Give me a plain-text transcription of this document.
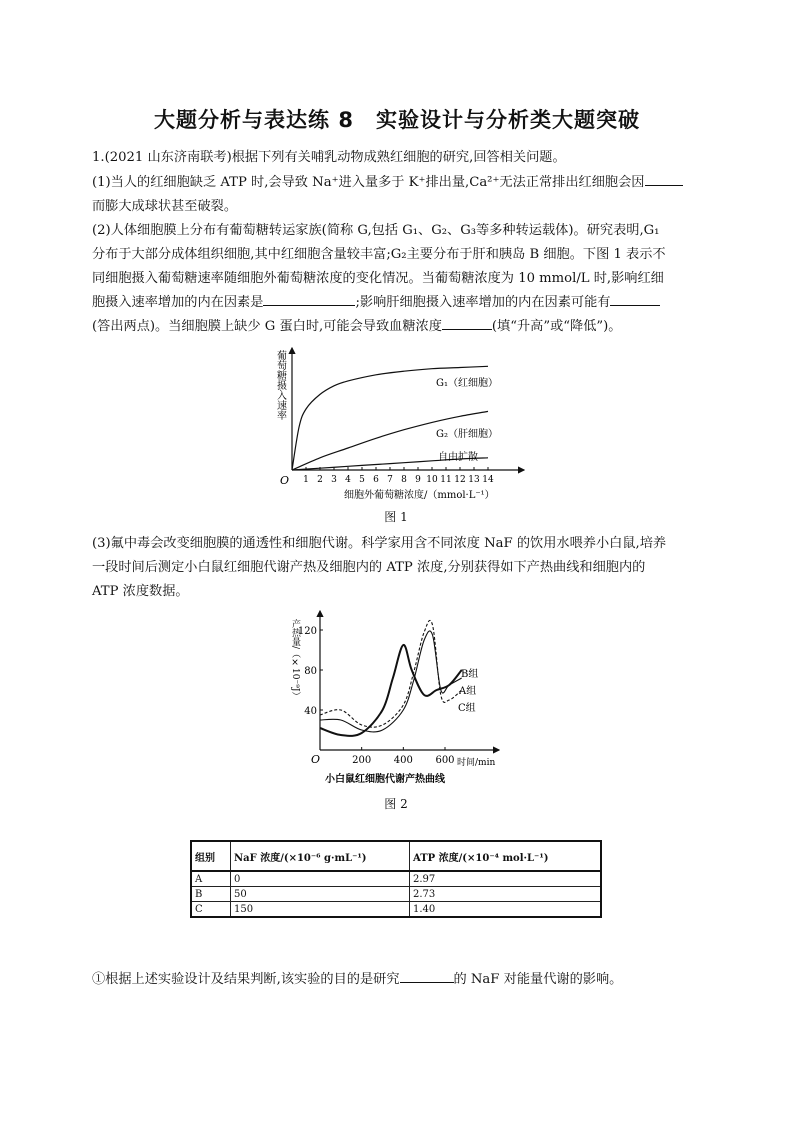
大题分析与表达练 8　实验设计与分析类大题突破
1.(2021 山东济南联考)根据下列有关哺乳动物成熟红细胞的研究,回答相关问题。
(1)当人的红细胞缺乏 ATP 时,会导致 Na⁺进入量多于 K⁺排出量,Ca²⁺无法正常排出红细胞会因
而膨大成球状甚至破裂。
(2)人体细胞膜上分布有葡萄糖转运家族(简称 G,包括 G₁、G₂、G₃等多种转运载体)。研究表明,G₁
分布于大部分成体组织细胞,其中红细胞含量较丰富;G₂主要分布于肝和胰岛 B 细胞。下图 1 表示不
同细胞摄入葡萄糖速率随细胞外葡萄糖浓度的变化情况。当葡萄糖浓度为 10 mmol/L 时,影响红细
胞摄入速率增加的内在因素是	;影响肝细胞摄入速率增加的内在因素可能有
(答出两点)。当细胞膜上缺少 G 蛋白时,可能会导致血糖浓度	(填“升高”或“降低”)。
葡萄糖摄入速率
O 1 2 3 4 5 6 7 8 9 10 11 12 13 14
细胞外葡萄糖浓度/（mmol·L⁻¹）
G₁（红细胞）
G₂（肝细胞）
自由扩散
图 1
(3)氟中毒会改变细胞膜的通透性和细胞代谢。科学家用含不同浓度 NaF 的饮用水喂养小白鼠,培养
一段时间后测定小白鼠红细胞代谢产热及细胞内的 ATP 浓度,分别获得如下产热曲线和细胞内的
ATP 浓度数据。
产热量/（×10⁻⁹J）
O
40
80
120
200 400 600 时间/min
小白鼠红细胞代谢产热曲线
B组
A组
C组
图 2
组别	NaF 浓度/(×10⁻⁶ g·mL⁻¹)	ATP 浓度/(×10⁻⁴ mol·L⁻¹)
A	0	2.97
B	50	2.73
C	150	1.40
①根据上述实验设计及结果判断,该实验的目的是研究	的 NaF 对能量代谢的影响。
